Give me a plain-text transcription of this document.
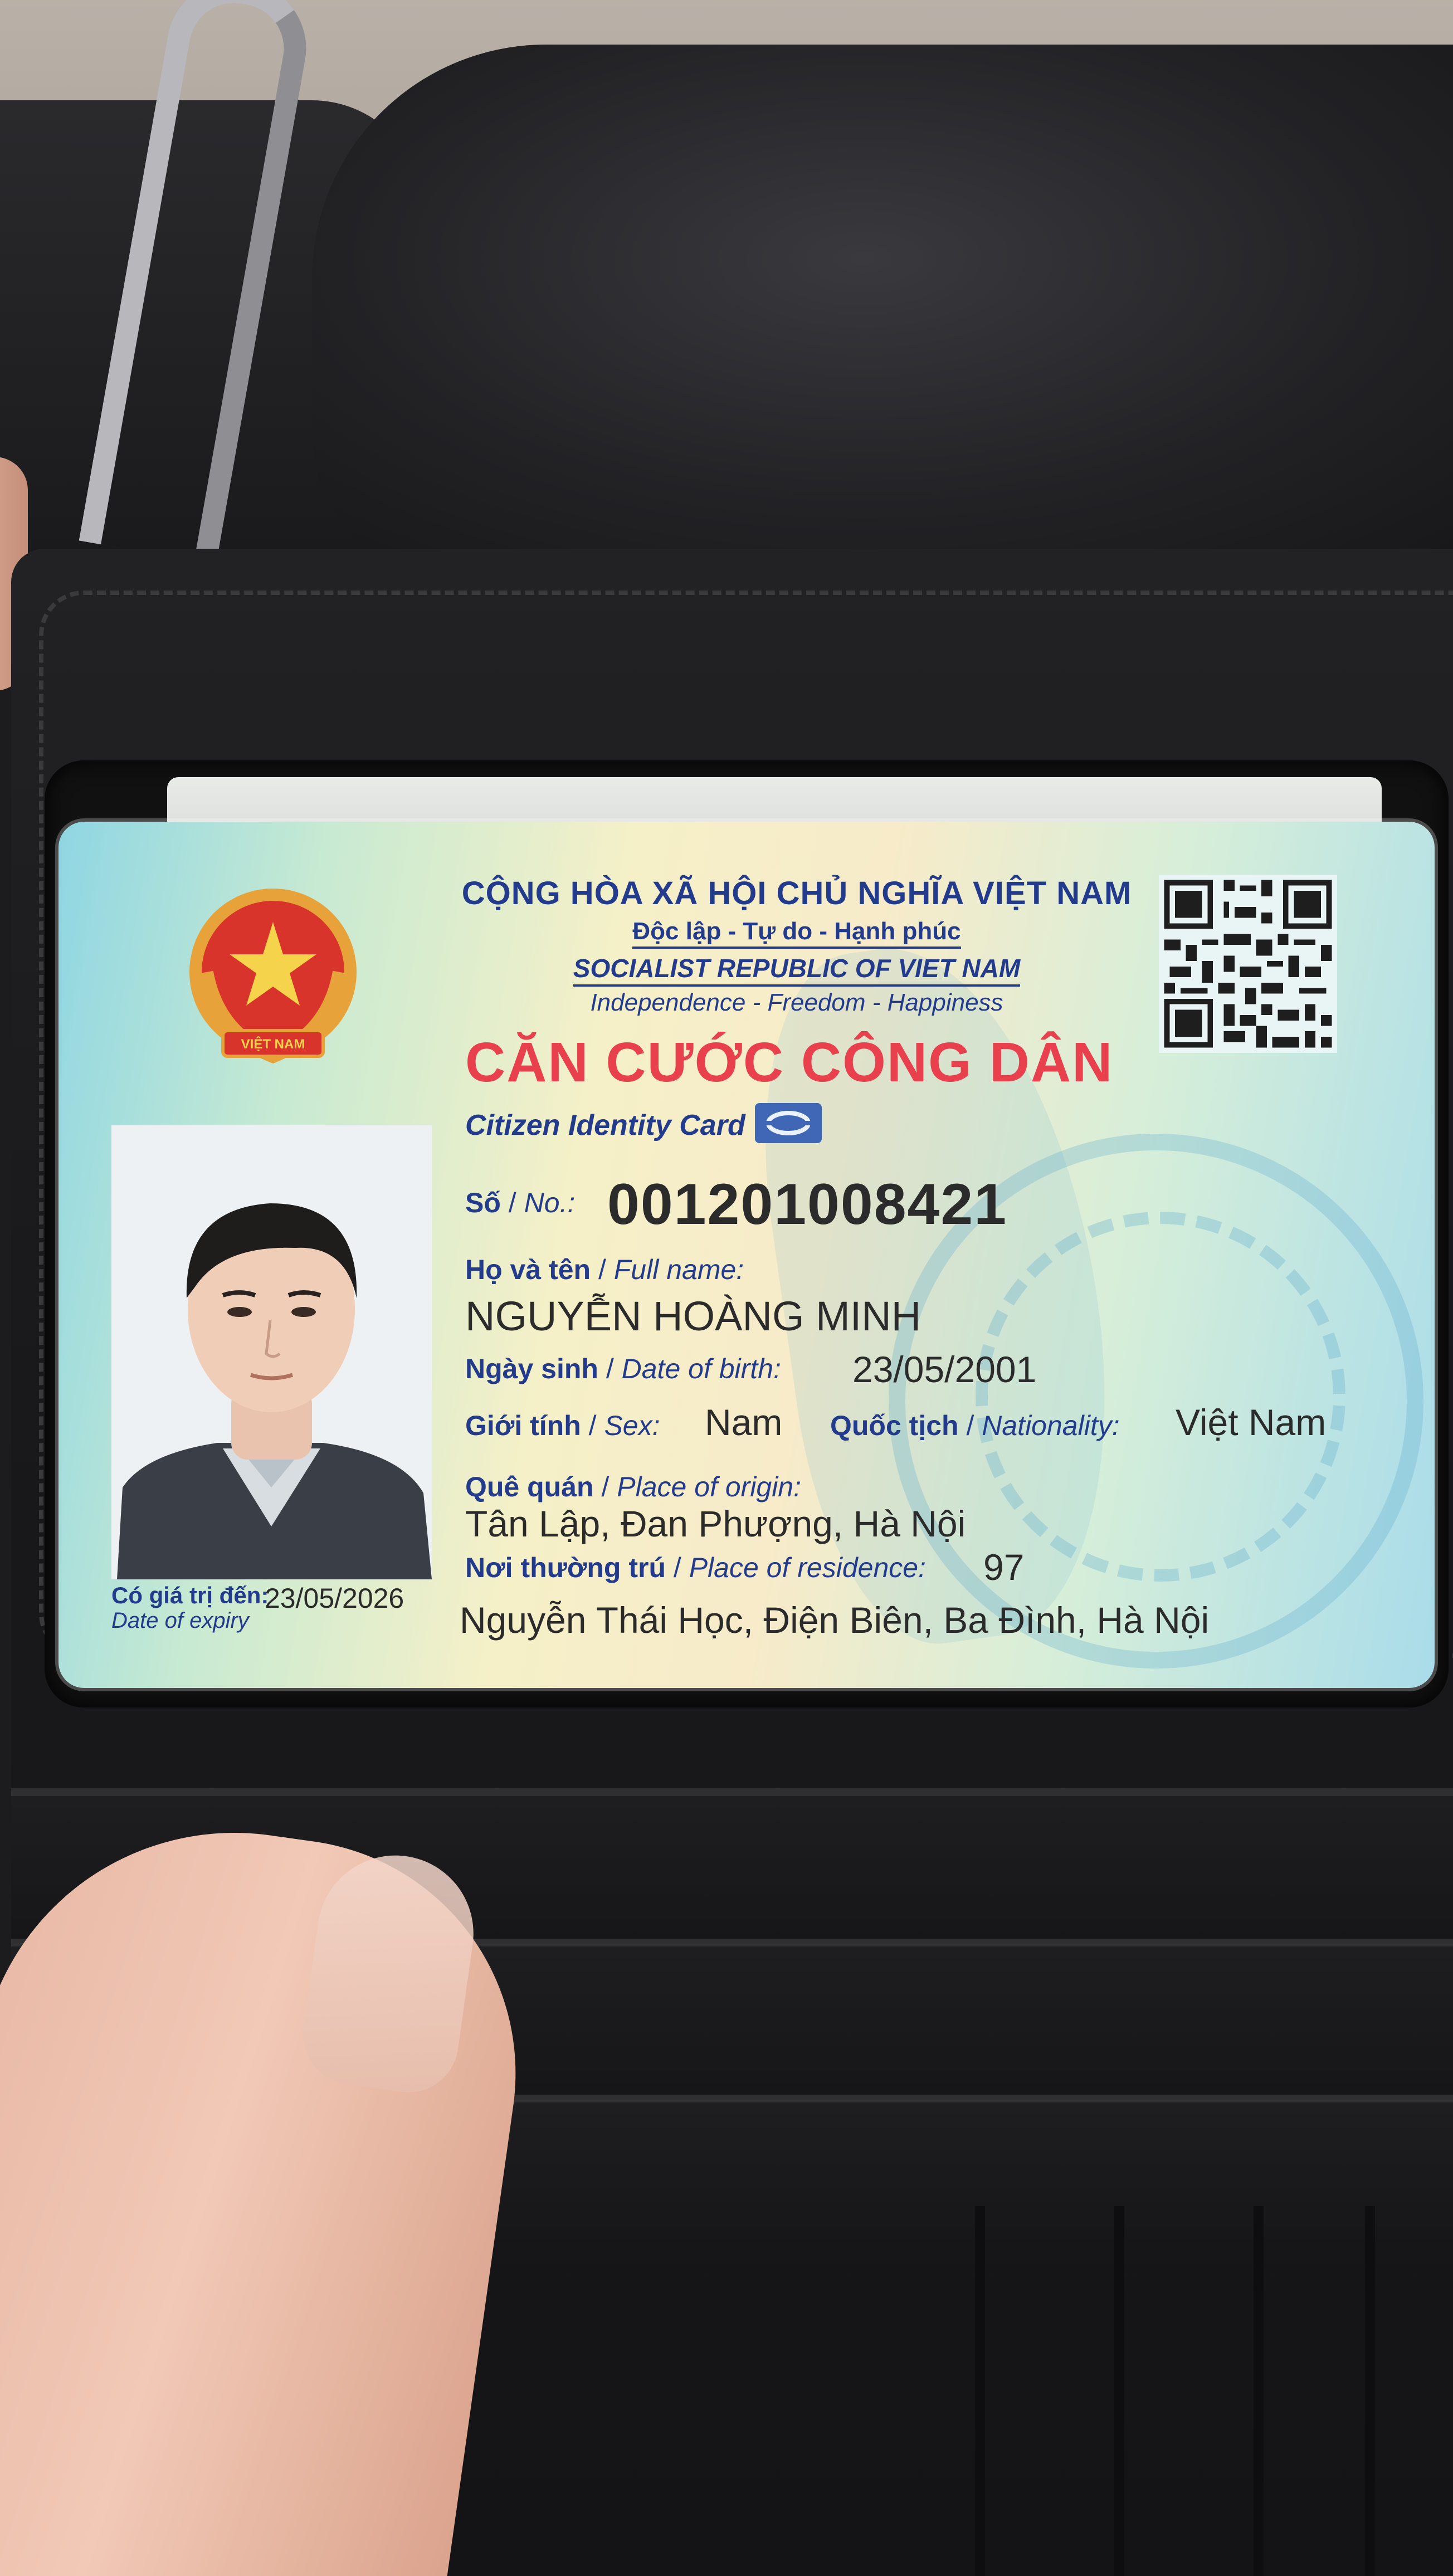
VIỆT NAM
CỘNG HÒA XÃ HỘI CHỦ NGHĨA VIỆT NAM
Độc lập - Tự do - Hạnh phúc
SOCIALIST REPUBLIC OF VIET NAM
Independence - Freedom - Happiness
CĂN CƯỚC CÔNG DÂN
Citizen Identity Card
Có giá trị đến:
Date of expiry
23/05/2026
Số / No.: 001201008421
Họ và tên / Full name:
NGUYỄN HOÀNG MINH
Ngày sinh / Date of birth: 23/05/2001
Giới tính / Sex: Nam Quốc tịch / Nationality: Việt Nam
Quê quán / Place of origin:
Tân Lập, Đan Phượng, Hà Nội
Nơi thường trú / Place of residence: 97
Nguyễn Thái Học, Điện Biên, Ba Đình, Hà Nội
